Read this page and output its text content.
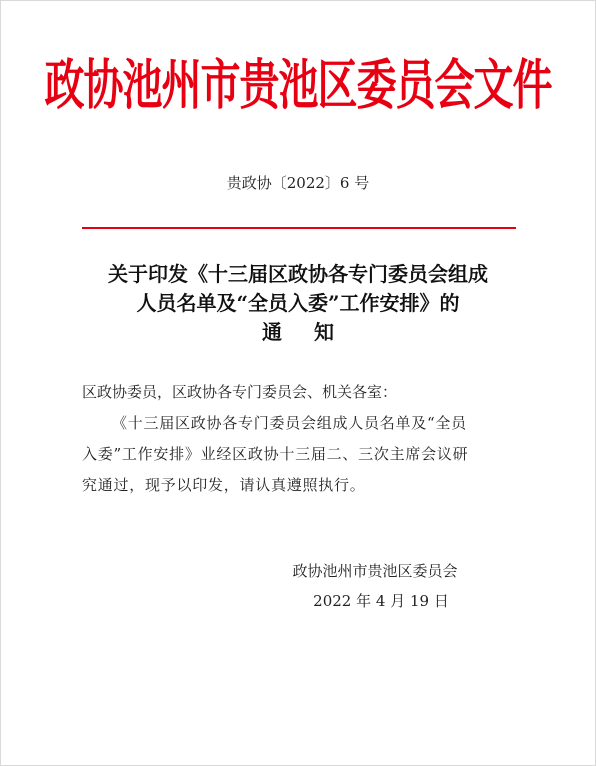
政协池州市贵池区委员会文件
贵政协〔2022〕6 号
关于印发《十三届区政协各专门委员会组成
人员名单及“全员入委”工作安排》的
通知
区政协委员，区政协各专门委员会、机关各室：
《十三届区政协各专门委员会组成人员名单及“全员
入委”工作安排》业经区政协十三届二、三次主席会议研
究通过，现予以印发，请认真遵照执行。
政协池州市贵池区委员会
2022 年 4 月 19 日
